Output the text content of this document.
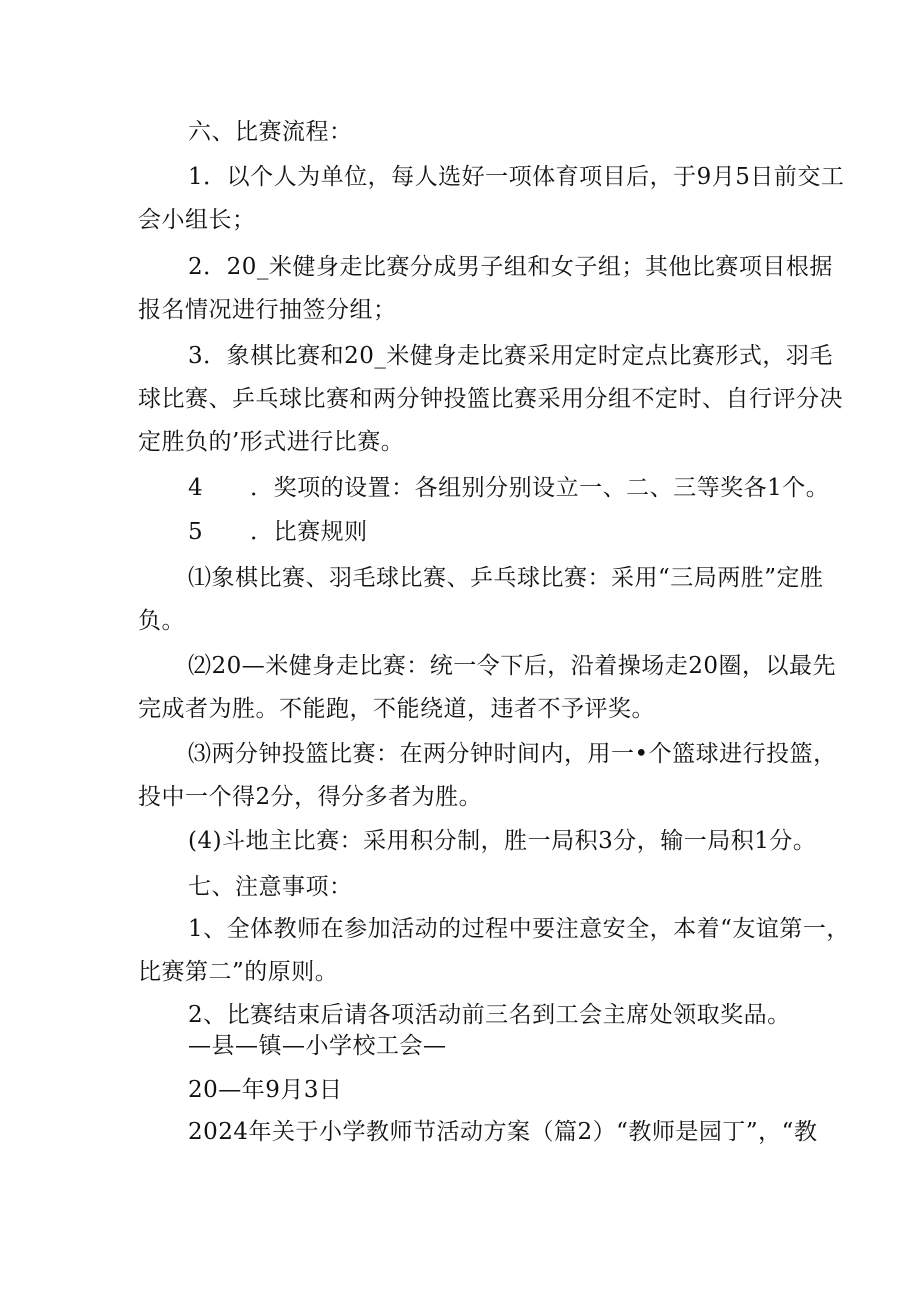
六、比赛流程：
1．以个人为单位，每人选好一项体育项目后，于9月5日前交工
会小组长；
2．20_米健身走比赛分成男子组和女子组；其他比赛项目根据
报名情况进行抽签分组；
3．象棋比赛和20_米健身走比赛采用定时定点比赛形式，羽毛
球比赛、乒乓球比赛和两分钟投篮比赛采用分组不定时、自行评分决
定胜负的’形式进行比赛。
4　　．奖项的设置：各组别分别设立一、二、三等奖各1个。
5　　．比赛规则
⑴象棋比赛、羽毛球比赛、乒乓球比赛：采用“三局两胜”定胜
负。
⑵20—米健身走比赛：统一令下后，沿着操场走20圈，以最先
完成者为胜。不能跑，不能绕道，违者不予评奖。
⑶两分钟投篮比赛：在两分钟时间内，用一•个篮球进行投篮，
投中一个得2分，得分多者为胜。
(4)斗地主比赛：采用积分制，胜一局积3分，输一局积1分。
七、注意事项：
1、全体教师在参加活动的过程中要注意安全，本着“友谊第一，
比赛第二”的原则。
2、比赛结束后请各项活动前三名到工会主席处领取奖品。
—县—镇—小学校工会—
20—年9月3日
2024年关于小学教师节活动方案（篇2）“教师是园丁”，“教
